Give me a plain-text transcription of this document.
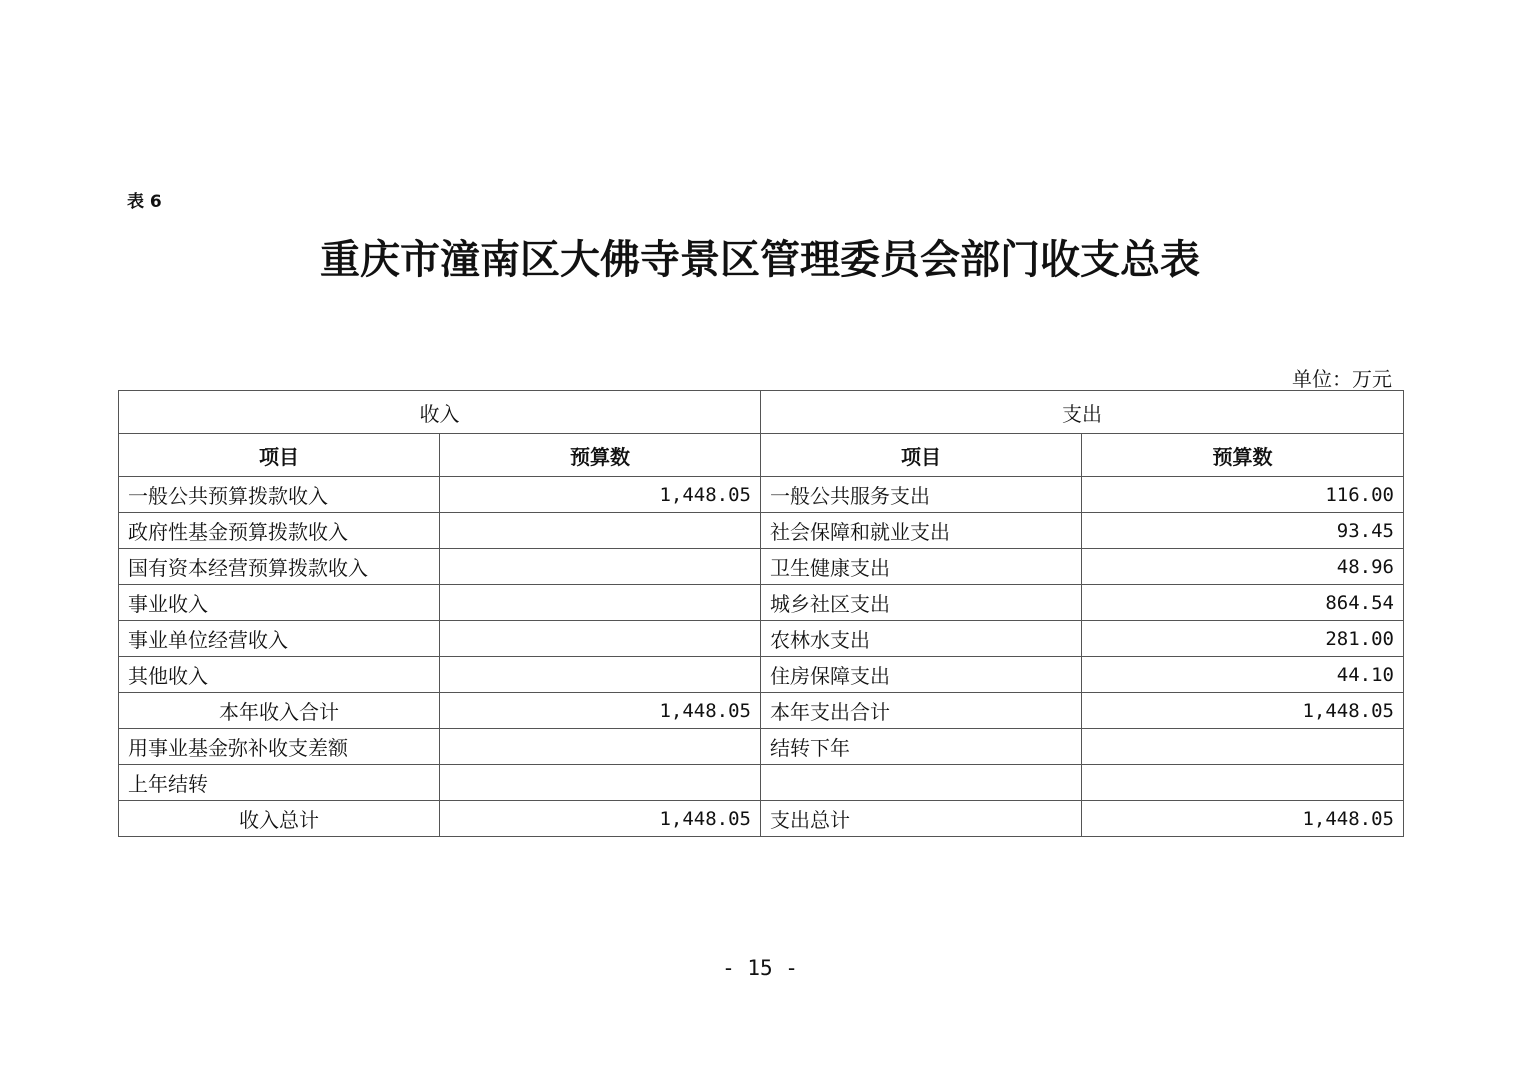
表 6
重庆市潼南区大佛寺景区管理委员会部门收支总表
单位：万元
收入		支出	
项目	预算数	项目	预算数
一般公共预算拨款收入	1,448.05	一般公共服务支出	116.00
政府性基金预算拨款收入		社会保障和就业支出	93.45
国有资本经营预算拨款收入		卫生健康支出	48.96
事业收入		城乡社区支出	864.54
事业单位经营收入		农林水支出	281.00
其他收入		住房保障支出	44.10
本年收入合计	1,448.05	本年支出合计	1,448.05
用事业基金弥补收支差额		结转下年	
上年结转			
收入总计	1,448.05	支出总计	1,448.05
- 15 -
